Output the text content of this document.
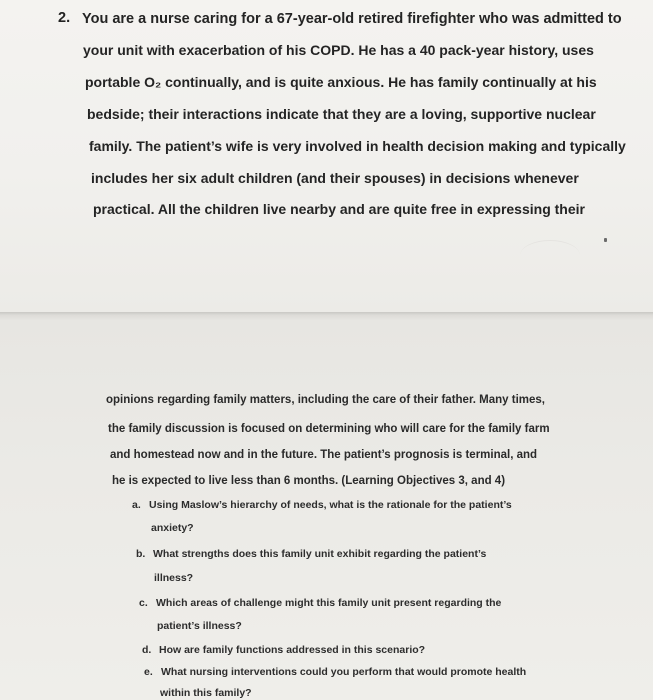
2. You are a nurse caring for a 67-year-old retired firefighter who was admitted to
your unit with exacerbation of his COPD. He has a 40 pack-year history, uses
portable O₂ continually, and is quite anxious. He has family continually at his
bedside; their interactions indicate that they are a loving, supportive nuclear
family. The patient’s wife is very involved in health decision making and typically
includes her six adult children (and their spouses) in decisions whenever
practical. All the children live nearby and are quite free in expressing their
opinions regarding family matters, including the care of their father. Many times,
the family discussion is focused on determining who will care for the family farm
and homestead now and in the future. The patient’s prognosis is terminal, and
he is expected to live less than 6 months. (Learning Objectives 3, and 4)
a. Using Maslow’s hierarchy of needs, what is the rationale for the patient’s
anxiety?
b. What strengths does this family unit exhibit regarding the patient’s
illness?
c. Which areas of challenge might this family unit present regarding the
patient’s illness?
d. How are family functions addressed in this scenario?
e. What nursing interventions could you perform that would promote health
within this family?
